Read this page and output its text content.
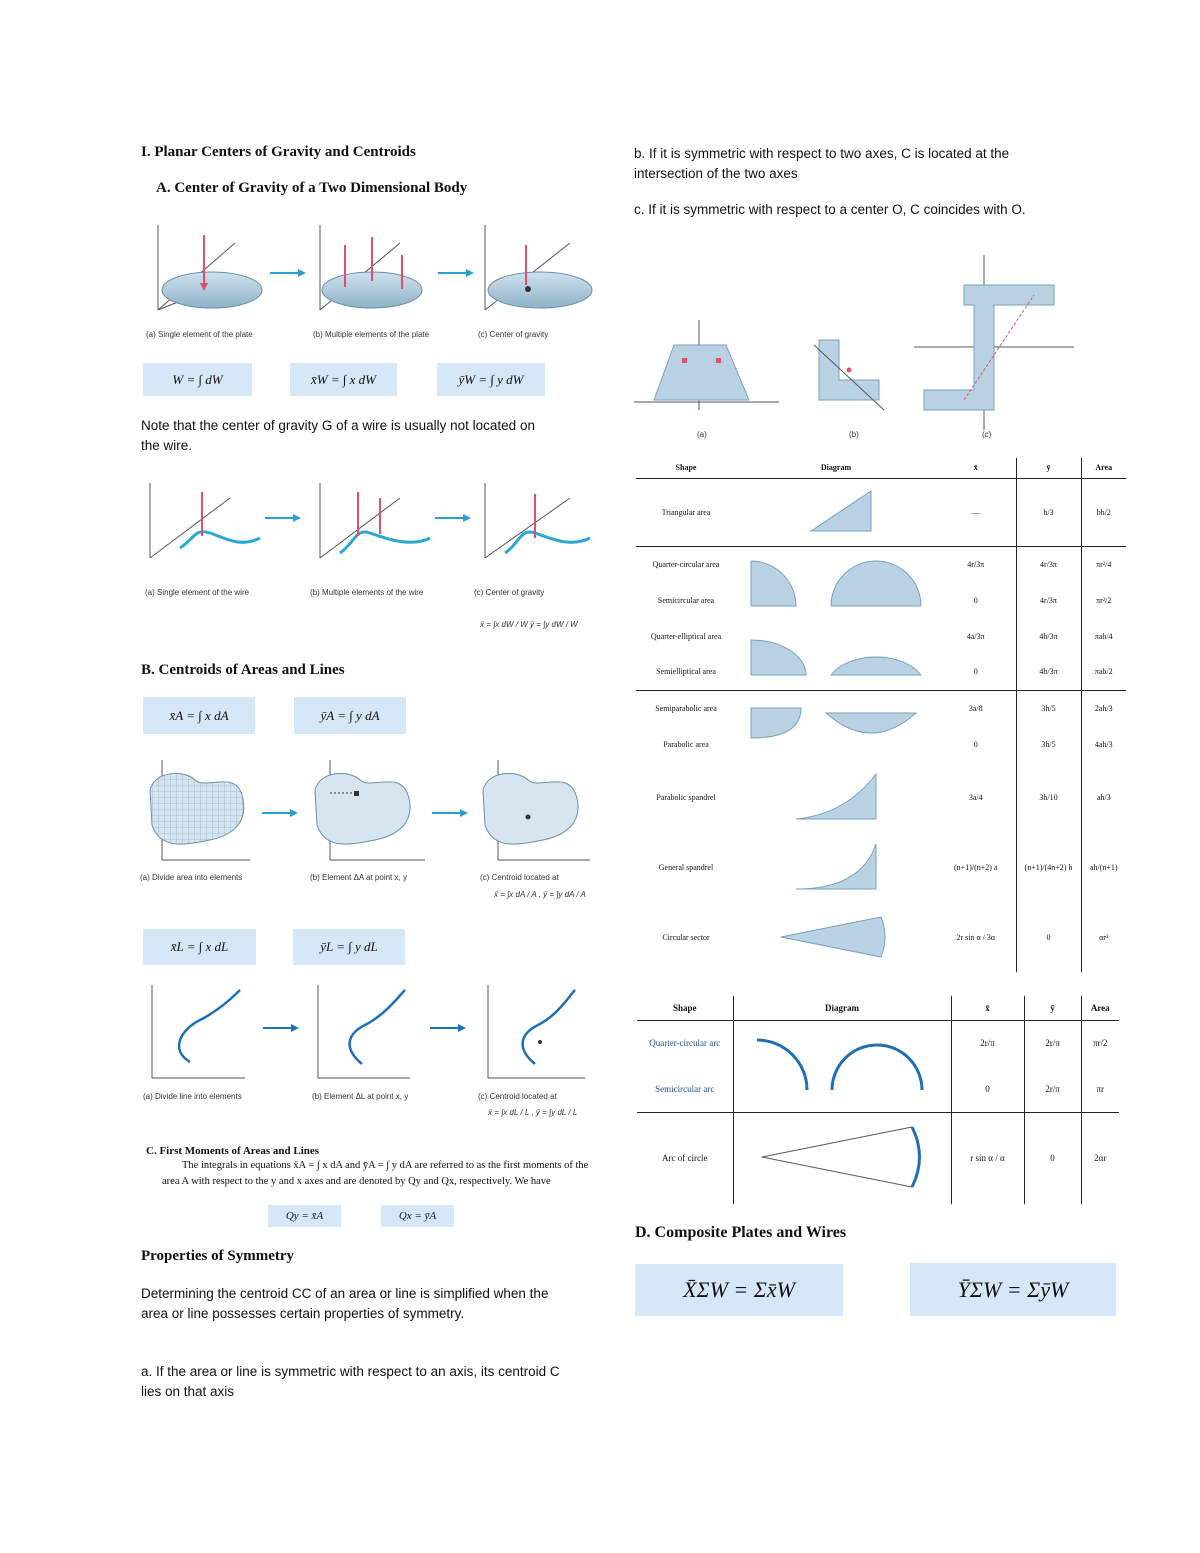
I. Planar Centers of Gravity and Centroids
A. Center of Gravity of a Two Dimensional Body
(a) Single element of the plate	(b) Multiple elements of the plate	(c) Center of gravity
W = ∫ dW	x̄W = ∫ x dW	ȳW = ∫ y dW
Note that the center of gravity G of a wire is usually not located on the wire.
(a) Single element of the wire	(b) Multiple elements of the wire	(c) Center of gravity
x̄ = ∫x dW / W ȳ = ∫y dW / W
B. Centroids of Areas and Lines
x̄A = ∫ x dA	ȳA = ∫ y dA
(a) Divide area into elements	(b) Element ΔA at point x, y	(c) Centroid located at
x̄ = ∫x dA / A , ȳ = ∫y dA / A
x̄L = ∫ x dL	ȳL = ∫ y dL
(a) Divide line into elements	(b) Element ΔL at point x, y	(c) Centroid located at
x̄ = ∫x dL / L , ȳ = ∫y dL / L
C. First Moments of Areas and Lines
The integrals in equations x̄A = ∫ x dA and ȳA = ∫ y dA are referred to as the first moments of the area A with respect to the y and x axes and are denoted by Qy and Qx, respectively. We have
Qy = x̄A	Qx = ȳA
Properties of Symmetry
Determining the centroid CC of an area or line is simplified when the area or line possesses certain properties of symmetry.
a. If the area or line is symmetric with respect to an axis, its centroid C lies on that axis
b. If it is symmetric with respect to two axes, C is located at the intersection of the two axes
c. If it is symmetric with respect to a center O, C coincides with O.
(a)	(b)	(c)
Shape	Diagram	x̄	ȳ	Area
Triangular area		—	h/3	bh/2
Quarter-circular area		4r/3π	4r/3π	πr²/4
Semicircular area		0	4r/3π	πr²/2
Quarter-elliptical area		4a/3π	4b/3π	πab/4
Semielliptical area		0	4b/3π	πab/2
Semiparabolic area		3a/8	3h/5	2ah/3
Parabolic area		0	3h/5	4ah/3
Parabolic spandrel		3a/4	3h/10	ah/3
General spandrel		(n+1)/(n+2) a	(n+1)/(4n+2) h	ah/(n+1)
Circular sector		2r sin α / 3α	0	αr²
Shape	Diagram	x̄	ȳ	Area
Quarter-circular arc		2r/π	2r/π	πr/2
Semicircular arc		0	2r/π	πr
Arc of circle		r sin α / α	0	2αr
D. Composite Plates and Wires
X̄ΣW = Σx̄W	ȲΣW = ΣȳW
